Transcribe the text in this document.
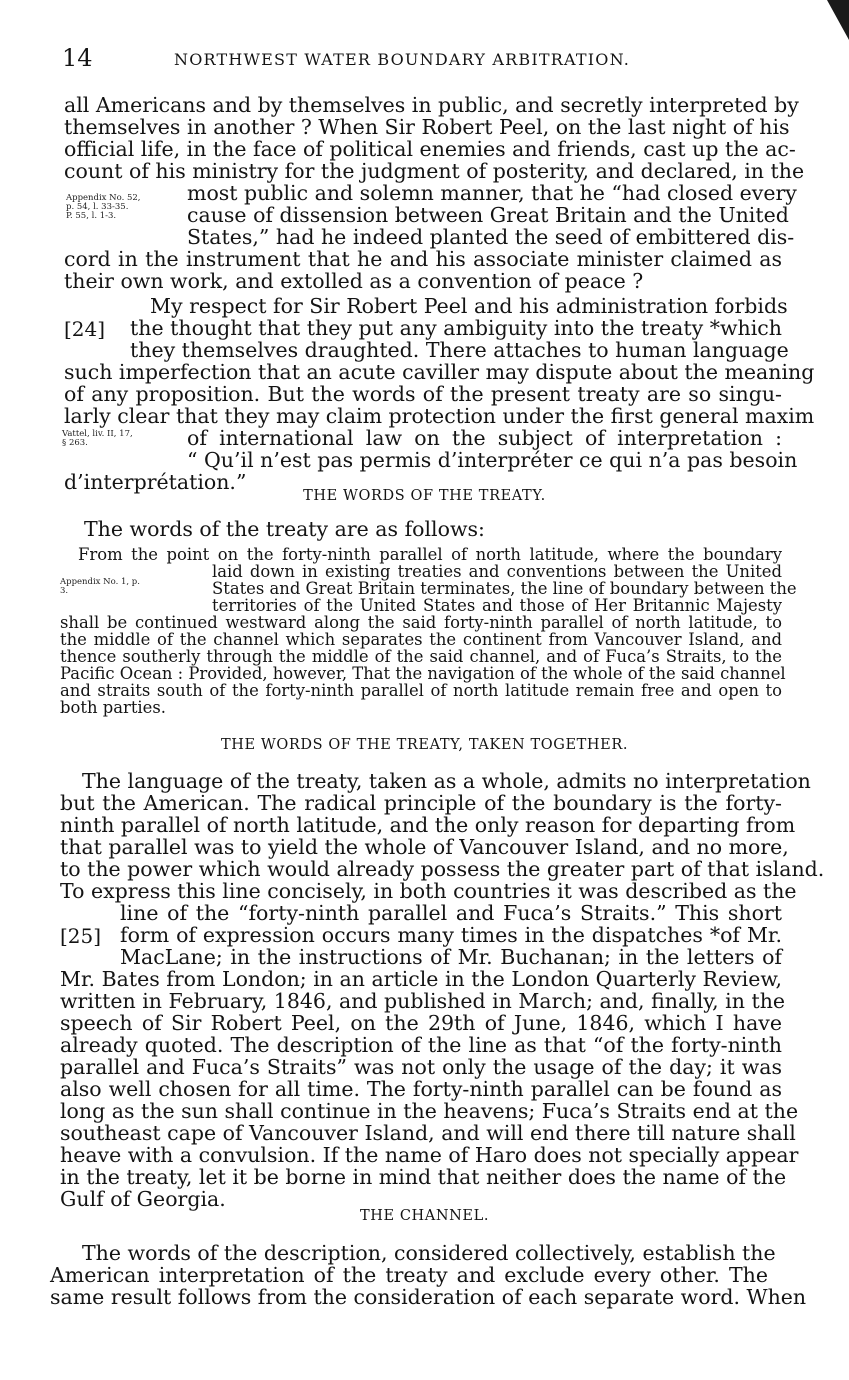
14	NORTHWEST WATER BOUNDARY ARBITRATION.

all Americans and by themselves in public, and secretly interpreted by

themselves in another ? When Sir Robert Peel, on the last night of his

official life, in the face of political enemies and friends, cast up the ac-

count of his ministry for the judgment of posterity, and declared, in the

most public and solemn manner, that he “had closed every

cause of dissension between Great Britain and the United

States,” had he indeed planted the seed of embittered dis-

cord in the instrument that he and his associate minister claimed as

their own work, and extolled as a convention of peace ?

Appendix No. 52,
p. 54, l. 33-35.
P. 55, l. 1-3.

My respect for Sir Robert Peel and his administration forbids

[24] the thought that they put any ambiguity into the treaty *which

they themselves draughted. There attaches to human language

such imperfection that an acute caviller may dispute about the meaning

of any proposition. But the words of the present treaty are so singu-

larly clear that they may claim protection under the first general maxim

of international law on the subject of interpretation :

“ Qu’il n’est pas permis d’interpréter ce qui n’a pas besoin

d’interprétation.”

Vattel, liv. II, 17,
§ 263.
THE WORDS OF THE TREATY.

The words of the treaty are as follows:

From the point on the forty-ninth parallel of north latitude, where the boundary

laid down in existing treaties and conventions between the United

States and Great Britain terminates, the line of boundary between the

territories of the United States and those of Her Britannic Majesty

shall be continued westward along the said forty-ninth parallel of north latitude, to

the middle of the channel which separates the continent from Vancouver Island, and

thence southerly through the middle of the said channel, and of Fuca’s Straits, to the

Pacific Ocean : Provided, however, That the navigation of the whole of the said channel

and straits south of the forty-ninth parallel of north latitude remain free and open to

both parties.

Appendix No. 1, p.
3.
THE WORDS OF THE TREATY, TAKEN TOGETHER.

The language of the treaty, taken as a whole, admits no interpretation

but the American. The radical principle of the boundary is the forty-

ninth parallel of north latitude, and the only reason for departing from

that parallel was to yield the whole of Vancouver Island, and no more,

to the power which would already possess the greater part of that island.

To express this line concisely, in both countries it was described as the

line of the “forty-ninth parallel and Fuca’s Straits.” This short

[25] form of expression occurs many times in the dispatches *of Mr.

MacLane; in the instructions of Mr. Buchanan; in the letters of

Mr. Bates from London; in an article in the London Quarterly Review,

written in February, 1846, and published in March; and, finally, in the

speech of Sir Robert Peel, on the 29th of June, 1846, which I have

already quoted. The description of the line as that “of the forty-ninth

parallel and Fuca’s Straits” was not only the usage of the day; it was

also well chosen for all time. The forty-ninth parallel can be found as

long as the sun shall continue in the heavens; Fuca’s Straits end at the

southeast cape of Vancouver Island, and will end there till nature shall

heave with a convulsion. If the name of Haro does not specially appear

in the treaty, let it be borne in mind that neither does the name of the

Gulf of Georgia.

THE CHANNEL.

The words of the description, considered collectively, establish the

American interpretation of the treaty and exclude every other. The

same result follows from the consideration of each separate word. When
